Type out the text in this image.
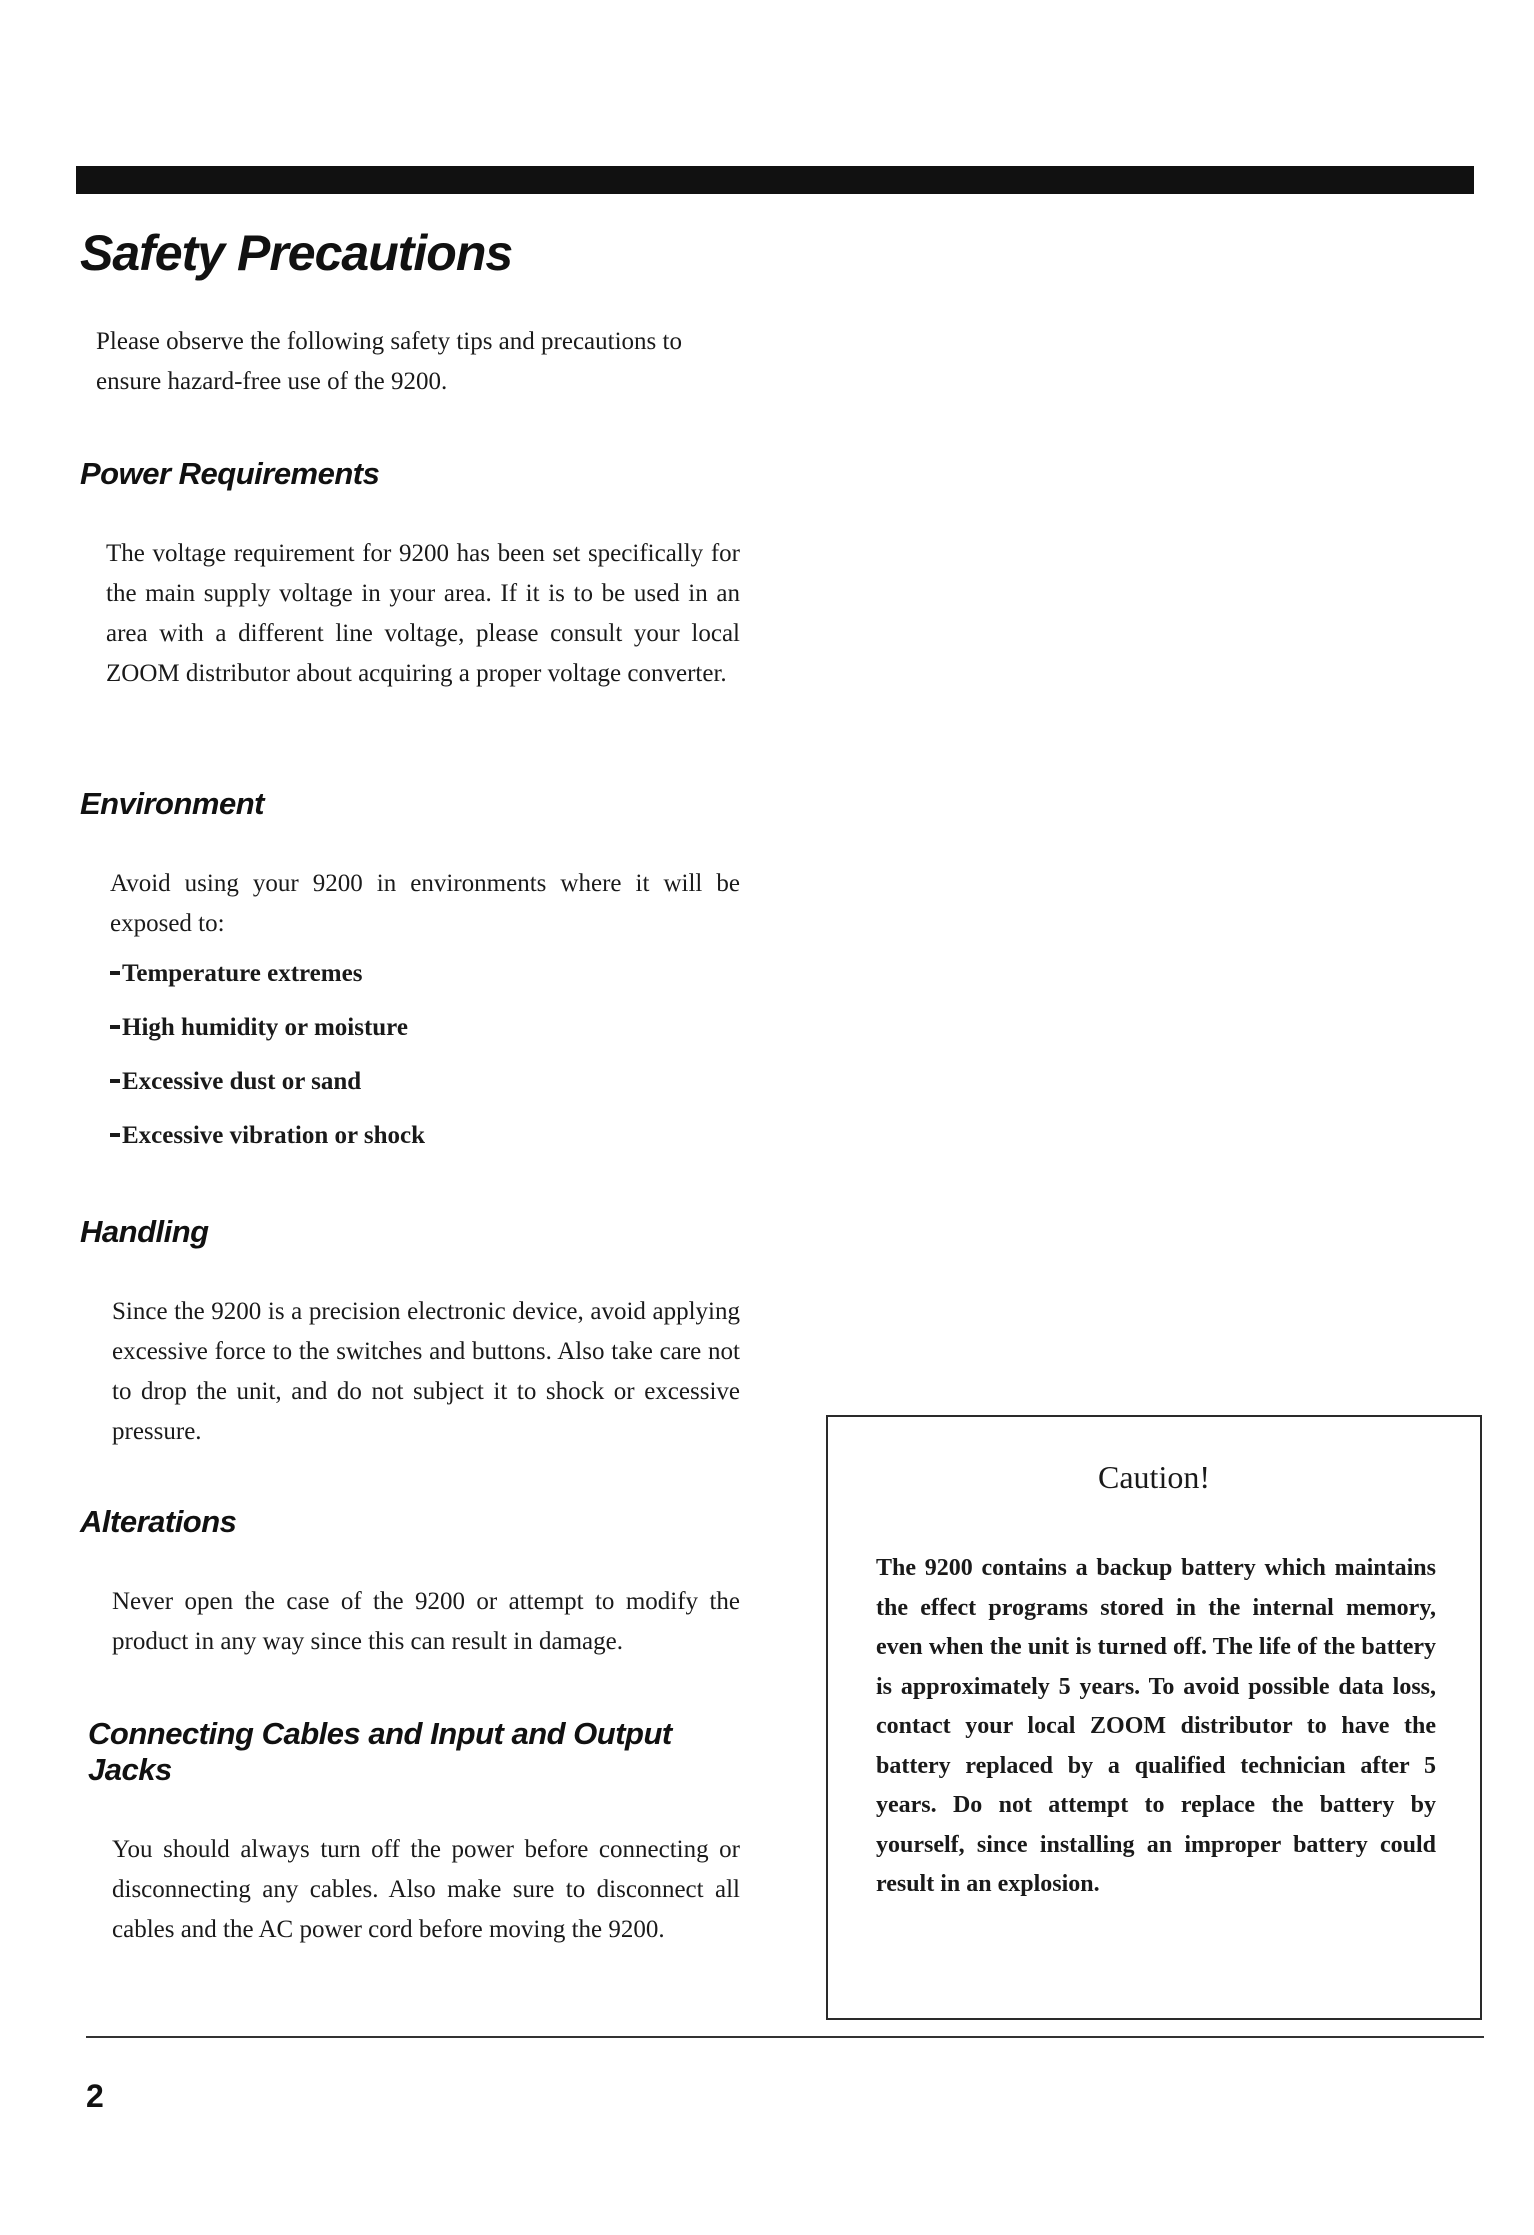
Safety Precautions

Please observe the following safety tips and precautions to ensure hazard-free use of the 9200.

Power Requirements

The voltage requirement for 9200 has been set specifically for the main supply voltage in your area. If it is to be used in an area with a different line voltage, please consult your local ZOOM distributor about acquiring a proper voltage converter.

Environment

Avoid using your 9200 in environments where it will be exposed to:

Temperature extremes
High humidity or moisture
Excessive dust or sand
Excessive vibration or shock
Handling

Since the 9200 is a precision electronic device, avoid applying excessive force to the switches and buttons. Also take care not to drop the unit, and do not subject it to shock or excessive pressure.

Alterations

Never open the case of the 9200 or attempt to modify the product in any way since this can result in damage.

Connecting Cables and Input and Output Jacks

You should always turn off the power before connecting or disconnecting any cables. Also make sure to disconnect all cables and the AC power cord before moving the 9200.

Caution!

The 9200 contains a backup battery which maintains the effect programs stored in the internal memory, even when the unit is turned off. The life of the battery is approximately 5 years. To avoid possible data loss, contact your local ZOOM distributor to have the battery replaced by a qualified technician after 5 years. Do not attempt to replace the battery by yourself, since installing an improper battery could result in an explosion.

2
